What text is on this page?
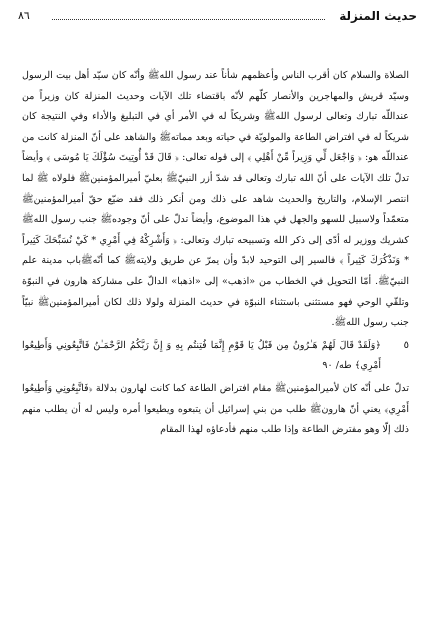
حديث المنزلة
٨٦

الصلاة والسلام كان أقرب الناس وأعظمهم شأناً عند رسول اللهﷺ وأنّه كان سيّد أهل بيت الرسول وسيّد قريش والمهاجرين والأنصار كلّهم لأنّه باقتضاء تلك الآيات وحديث المنزلة كان وزيراً من عنداللّه تبارك وتعالى لرسول اللهﷺ وشريكاً له في الأمر أي في التبليغ والأداء وفي النتيجة كان شريكاً له في افتراض الطاعة والمولويّة في حياته وبعد مماتهﷺ والشاهد على أنّ المنزلة كانت من عنداللّه هو: ﴿ وَاجْعَل لِّي وَزِيراً مِّنْ أَهْلِي ﴾ إلى قوله تعالى: ﴿ قَالَ قَدْ أُوتِيتَ سُؤْلَكَ يَا مُوسَى ﴾ وأيضاً تدلّ تلك الآيات على أنّ الله تبارك وتعالى قد شدّ أزر النبيّﷺ بعليّ أميرالمؤمنينﷺ فلولاه ﷺ لما انتصر الإسلام، والتاريخ والحديث شاهد على ذلك ومن أنكر ذلك فقد ضيّع حقّ أميرالمؤمنينﷺ متعمّداً ولاسبيل للسهو والجهل في هذا الموضوع، وأيضاً تدلّ على أنّ وجودهﷺ جنب رسول اللهﷺ كشريك ووزير له أدّى إلى ذكر الله وتسبيحه تبارك وتعالى: ﴿ وَأَشْرِكْهُ فِي أَمْرِي * كَيْ نُسَبِّحَكَ كَثِيراً * وَنَذْكُرَكَ كَثِيراً ﴾ فالسير إلى التوحيد لابدّ وأن يمرّ عن طريق ولايتهﷺ كما أنّهﷺباب مدينة علم النبيّﷺ. أمّا التحويل في الخطاب من «اذهب» إلى «اذهبا» الدالّ على مشاركة هارون في النبوّة وتلقّي الوحي فهو مستثنى باستثناء النبوّة في حديث المنزلة ولولا ذلك لكان أميرالمؤمنينﷺ نبيّاً جنب رسول اللهﷺ.

٥

﴿وَلَقَدْ قَالَ لَهُمْ هَـٰرُونُ مِن قَبْلُ يَا قَوْمِ إِنَّمَا فُتِنتُم بِهِ وَ إِنَّ رَبَّكُمُ الرَّحْمَـٰنُ فَاتَّبِعُونِي وَأَطِيعُوا أَمْرِي﴾ طه/ ٩٠

تدلّ على أنّه كان لأميرالمؤمنينﷺ مقام افتراض الطاعة كما كانت لهارون بدلالة ﴿فَاتَّبِعُونِي وَأَطِيعُوا أَمْرِي﴾ يعني أنّ هارونﷺ طلب من بني إسرائيل أن يتبعوه ويطيعوا أمره وليس له أن يطلب منهم ذلك إلّا وهو مفترض الطاعة وإذا طلب منهم فأدعاؤه لهذا المقام
